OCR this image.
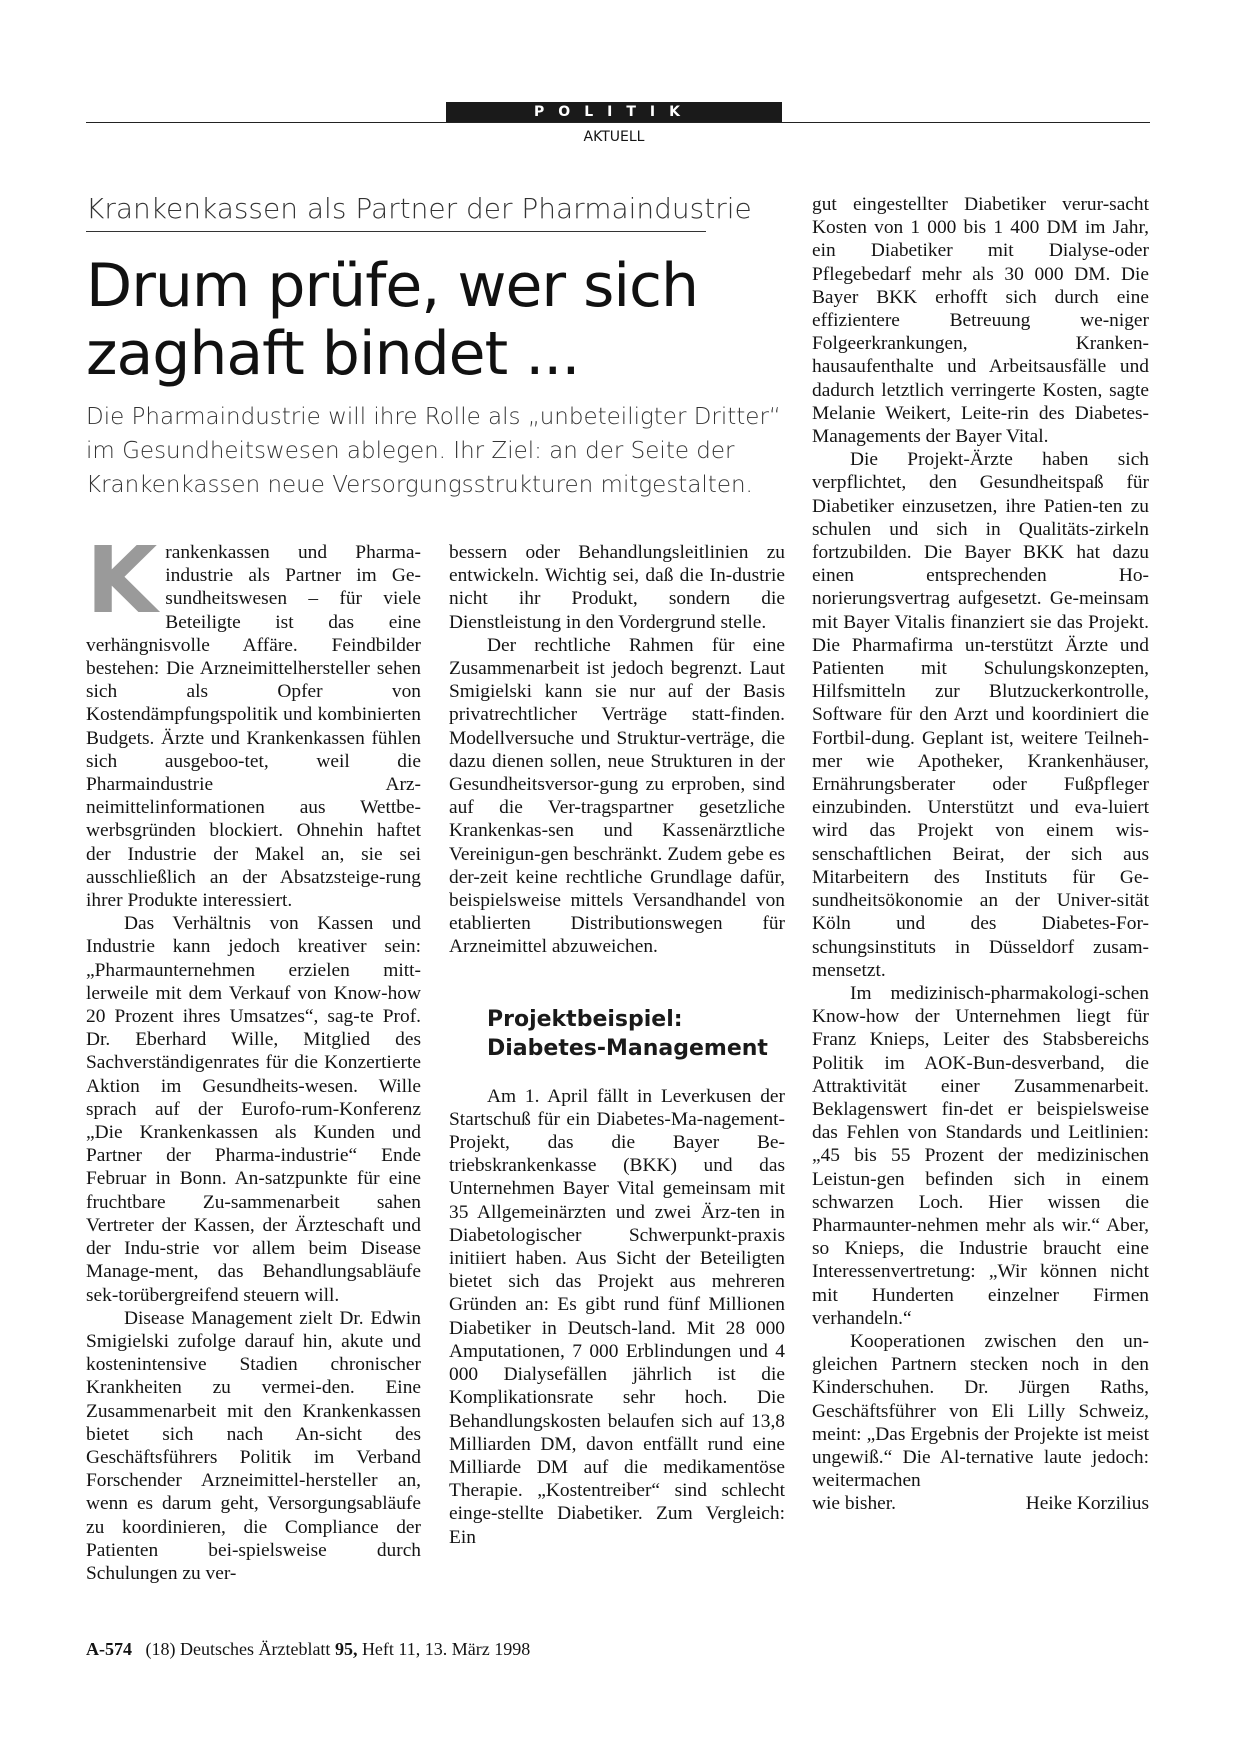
POLITIK
AKTUELL
Krankenkassen als Partner der Pharmaindustrie
Drum prüfe, wer sich
zaghaft bindet ...
Die Pharmaindustrie will ihre Rolle als „unbeteiligter Dritter“ im Gesundheitswesen ablegen. Ihr Ziel: an der Seite der Krankenkassen neue Versorgungsstrukturen mitgestalten.

Krankenkassen und Pharma-industrie als Partner im Ge-sundheitswesen – für viele Beteiligte ist das eine verhängnisvolle Affäre. Feindbilder bestehen: Die Arzneimittelhersteller sehen sich als Opfer von Kostendämpfungspolitik und kombinierten Budgets. Ärzte und Krankenkassen fühlen sich ausgeboo-tet, weil die Pharmaindustrie Arz-neimittelinformationen aus Wettbe-werbsgründen blockiert. Ohnehin haftet der Industrie der Makel an, sie sei ausschließlich an der Absatzsteige-rung ihrer Produkte interessiert.

Das Verhältnis von Kassen und Industrie kann jedoch kreativer sein: „Pharmaunternehmen erzielen mitt-lerweile mit dem Verkauf von Know-how 20 Prozent ihres Umsatzes“, sag-te Prof. Dr. Eberhard Wille, Mitglied des Sachverständigenrates für die Konzertierte Aktion im Gesundheits-wesen. Wille sprach auf der Eurofo-rum-Konferenz „Die Krankenkassen als Kunden und Partner der Pharma-industrie“ Ende Februar in Bonn. An-satzpunkte für eine fruchtbare Zu-sammenarbeit sahen Vertreter der Kassen, der Ärzteschaft und der Indu-strie vor allem beim Disease Manage-ment, das Behandlungsabläufe sek-torübergreifend steuern will.

Disease Management zielt Dr. Edwin Smigielski zufolge darauf hin, akute und kostenintensive Stadien chronischer Krankheiten zu vermei-den. Eine Zusammenarbeit mit den Krankenkassen bietet sich nach An-sicht des Geschäftsführers Politik im Verband Forschender Arzneimittel-hersteller an, wenn es darum geht, Versorgungsabläufe zu koordinieren, die Compliance der Patienten bei-spielsweise durch Schulungen zu ver-

bessern oder Behandlungsleitlinien zu entwickeln. Wichtig sei, daß die In-dustrie nicht ihr Produkt, sondern die Dienstleistung in den Vordergrund stelle.

Der rechtliche Rahmen für eine Zusammenarbeit ist jedoch begrenzt. Laut Smigielski kann sie nur auf der Basis privatrechtlicher Verträge statt-finden. Modellversuche und Struktur-verträge, die dazu dienen sollen, neue Strukturen in der Gesundheitsversor-gung zu erproben, sind auf die Ver-tragspartner gesetzliche Krankenkas-sen und Kassenärztliche Vereinigun-gen beschränkt. Zudem gebe es der-zeit keine rechtliche Grundlage dafür, beispielsweise mittels Versandhandel von etablierten Distributionswegen für Arzneimittel abzuweichen.

Projektbeispiel:
Diabetes-Management

Am 1. April fällt in Leverkusen der Startschuß für ein Diabetes-Ma-nagement-Projekt, das die Bayer Be-triebskrankenkasse (BKK) und das Unternehmen Bayer Vital gemeinsam mit 35 Allgemeinärzten und zwei Ärz-ten in Diabetologischer Schwerpunkt-praxis initiiert haben. Aus Sicht der Beteiligten bietet sich das Projekt aus mehreren Gründen an: Es gibt rund fünf Millionen Diabetiker in Deutsch-land. Mit 28 000 Amputationen, 7 000 Erblindungen und 4 000 Dialysefällen jährlich ist die Komplikationsrate sehr hoch. Die Behandlungskosten belaufen sich auf 13,8 Milliarden DM, davon entfällt rund eine Milliarde DM auf die medikamentöse Therapie. „Kostentreiber“ sind schlecht einge-stellte Diabetiker. Zum Vergleich: Ein

gut eingestellter Diabetiker verur-sacht Kosten von 1 000 bis 1 400 DM im Jahr, ein Diabetiker mit Dialyse-oder Pflegebedarf mehr als 30 000 DM. Die Bayer BKK erhofft sich durch eine effizientere Betreuung we-niger Folgeerkrankungen, Kranken-hausaufenthalte und Arbeitsausfälle und dadurch letztlich verringerte Kosten, sagte Melanie Weikert, Leite-rin des Diabetes-Managements der Bayer Vital.

Die Projekt-Ärzte haben sich verpflichtet, den Gesundheitspaß für Diabetiker einzusetzen, ihre Patien-ten zu schulen und sich in Qualitäts-zirkeln fortzubilden. Die Bayer BKK hat dazu einen entsprechenden Ho-norierungsvertrag aufgesetzt. Ge-meinsam mit Bayer Vitalis finanziert sie das Projekt. Die Pharmafirma un-terstützt Ärzte und Patienten mit Schulungskonzepten, Hilfsmitteln zur Blutzuckerkontrolle, Software für den Arzt und koordiniert die Fortbil-dung. Geplant ist, weitere Teilneh-mer wie Apotheker, Krankenhäuser, Ernährungsberater oder Fußpfleger einzubinden. Unterstützt und eva-luiert wird das Projekt von einem wis-senschaftlichen Beirat, der sich aus Mitarbeitern des Instituts für Ge-sundheitsökonomie an der Univer-sität Köln und des Diabetes-For-schungsinstituts in Düsseldorf zusam-mensetzt.

Im medizinisch-pharmakologi-schen Know-how der Unternehmen liegt für Franz Knieps, Leiter des Stabsbereichs Politik im AOK-Bun-desverband, die Attraktivität einer Zusammenarbeit. Beklagenswert fin-det er beispielsweise das Fehlen von Standards und Leitlinien: „45 bis 55 Prozent der medizinischen Leistun-gen befinden sich in einem schwarzen Loch. Hier wissen die Pharmaunter-nehmen mehr als wir.“ Aber, so Knieps, die Industrie braucht eine Interessenvertretung: „Wir können nicht mit Hunderten einzelner Firmen verhandeln.“

Kooperationen zwischen den un-gleichen Partnern stecken noch in den Kinderschuhen. Dr. Jürgen Raths, Geschäftsführer von Eli Lilly Schweiz, meint: „Das Ergebnis der Projekte ist meist ungewiß.“ Die Al-ternative laute jedoch: weitermachen

wie bisher.	Heike Korzilius

A-574 (18) Deutsches Ärzteblatt 95, Heft 11, 13. März 1998
